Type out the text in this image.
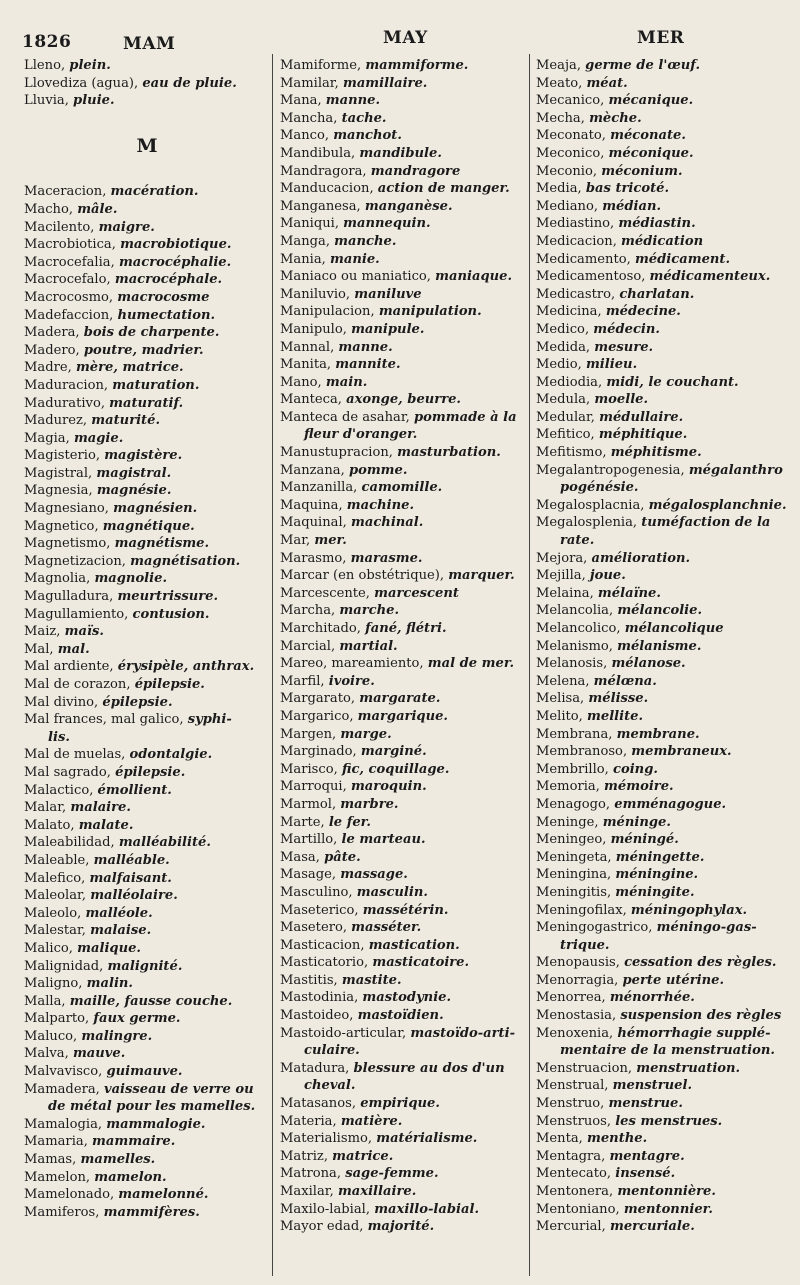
1826	MAM	MAY	MER
Lleno, plein.
Llovediza (agua), eau de pluie.
Lluvia, pluie.
M
Maceracion, macération.
Macho, mâle.
Macilento, maigre.
Macrobiotica, macrobiotique.
Macrocefalia, macrocéphalie.
Macrocefalo, macrocéphale.
Macrocosmo, macrocosme
Madefaccion, humectation.
Madera, bois de charpente.
Madero, poutre, madrier.
Madre, mère, matrice.
Maduracion, maturation.
Madurativo, maturatif.
Madurez, maturité.
Magia, magie.
Magisterio, magistère.
Magistral, magistral.
Magnesia, magnésie.
Magnesiano, magnésien.
Magnetico, magnétique.
Magnetismo, magnétisme.
Magnetizacion, magnétisation.
Magnolia, magnolie.
Magulladura, meurtrissure.
Magullamiento, contusion.
Maiz, maïs.
Mal, mal.
Mal ardiente, érysipèle, anthrax.
Mal de corazon, épilepsie.
Mal divino, épilepsie.
Mal frances, mal galico, syphi-
lis.
Mal de muelas, odontalgie.
Mal sagrado, épilepsie.
Malactico, émollient.
Malar, malaire.
Malato, malate.
Maleabilidad, malléabilité.
Maleable, malléable.
Malefico, malfaisant.
Maleolar, malléolaire.
Maleolo, malléole.
Malestar, malaise.
Malico, malique.
Malignidad, malignité.
Maligno, malin.
Malla, maille, fausse couche.
Malparto, faux germe.
Maluco, malingre.
Malva, mauve.
Malvavisco, guimauve.
Mamadera, vaisseau de verre ou
de métal pour les mamelles.
Mamalogia, mammalogie.
Mamaria, mammaire.
Mamas, mamelles.
Mamelon, mamelon.
Mamelonado, mamelonné.
Mamiferos, mammifères.
Mamiforme, mammiforme.
Mamilar, mamillaire.
Mana, manne.
Mancha, tache.
Manco, manchot.
Mandibula, mandibule.
Mandragora, mandragore
Manducacion, action de manger.
Manganesa, manganèse.
Maniqui, mannequin.
Manga, manche.
Mania, manie.
Maniaco ou maniatico, maniaque.
Maniluvio, maniluve
Manipulacion, manipulation.
Manipulo, manipule.
Mannal, manne.
Manita, mannite.
Mano, main.
Manteca, axonge, beurre.
Manteca de asahar, pommade à la
fleur d'oranger.
Manustupracion, masturbation.
Manzana, pomme.
Manzanilla, camomille.
Maquina, machine.
Maquinal, machinal.
Mar, mer.
Marasmo, marasme.
Marcar (en obstétrique), marquer.
Marcescente, marcescent
Marcha, marche.
Marchitado, fané, flétri.
Marcial, martial.
Mareo, mareamiento, mal de mer.
Marfil, ivoire.
Margarato, margarate.
Margarico, margarique.
Margen, marge.
Marginado, marginé.
Marisco, fic, coquillage.
Marroqui, maroquin.
Marmol, marbre.
Marte, le fer.
Martillo, le marteau.
Masa, pâte.
Masage, massage.
Masculino, masculin.
Maseterico, massétérin.
Masetero, masséter.
Masticacion, mastication.
Masticatorio, masticatoire.
Mastitis, mastite.
Mastodinia, mastodynie.
Mastoideo, mastoïdien.
Mastoido-articular, mastoïdo-arti-
culaire.
Matadura, blessure au dos d'un
cheval.
Matasanos, empirique.
Materia, matière.
Materialismo, matérialisme.
Matriz, matrice.
Matrona, sage-femme.
Maxilar, maxillaire.
Maxilo-labial, maxillo-labial.
Mayor edad, majorité.
Meaja, germe de l'œuf.
Meato, méat.
Mecanico, mécanique.
Mecha, mèche.
Meconato, méconate.
Meconico, méconique.
Meconio, méconium.
Media, bas tricoté.
Mediano, médian.
Mediastino, médiastin.
Medicacion, médication
Medicamento, médicament.
Medicamentoso, médicamenteux.
Medicastro, charlatan.
Medicina, médecine.
Medico, médecin.
Medida, mesure.
Medio, milieu.
Mediodia, midi, le couchant.
Medula, moelle.
Medular, médullaire.
Mefitico, méphitique.
Mefitismo, méphitisme.
Megalantropogenesia, mégalanthro
pogénésie.
Megalosplacnia, mégalosplanchnie.
Megalosplenia, tuméfaction de la
rate.
Mejora, amélioration.
Mejilla, joue.
Melaina, mélaïne.
Melancolia, mélancolie.
Melancolico, mélancolique
Melanismo, mélanisme.
Melanosis, mélanose.
Melena, mélœna.
Melisa, mélisse.
Melito, mellite.
Membrana, membrane.
Membranoso, membraneux.
Membrillo, coing.
Memoria, mémoire.
Menagogo, emménagogue.
Meninge, méninge.
Meningeo, méningé.
Meningeta, méningette.
Meningina, méningine.
Meningitis, méningite.
Meningofilax, méningophylax.
Meningogastrico, méningo-gas-
trique.
Menopausis, cessation des règles.
Menorragia, perte utérine.
Menorrea, ménorrhée.
Menostasia, suspension des règles
Menoxenia, hémorrhagie supplé-
mentaire de la menstruation.
Menstruacion, menstruation.
Menstrual, menstruel.
Menstruo, menstrue.
Menstruos, les menstrues.
Menta, menthe.
Mentagra, mentagre.
Mentecato, insensé.
Mentonera, mentonnière.
Mentoniano, mentonnier.
Mercurial, mercuriale.
